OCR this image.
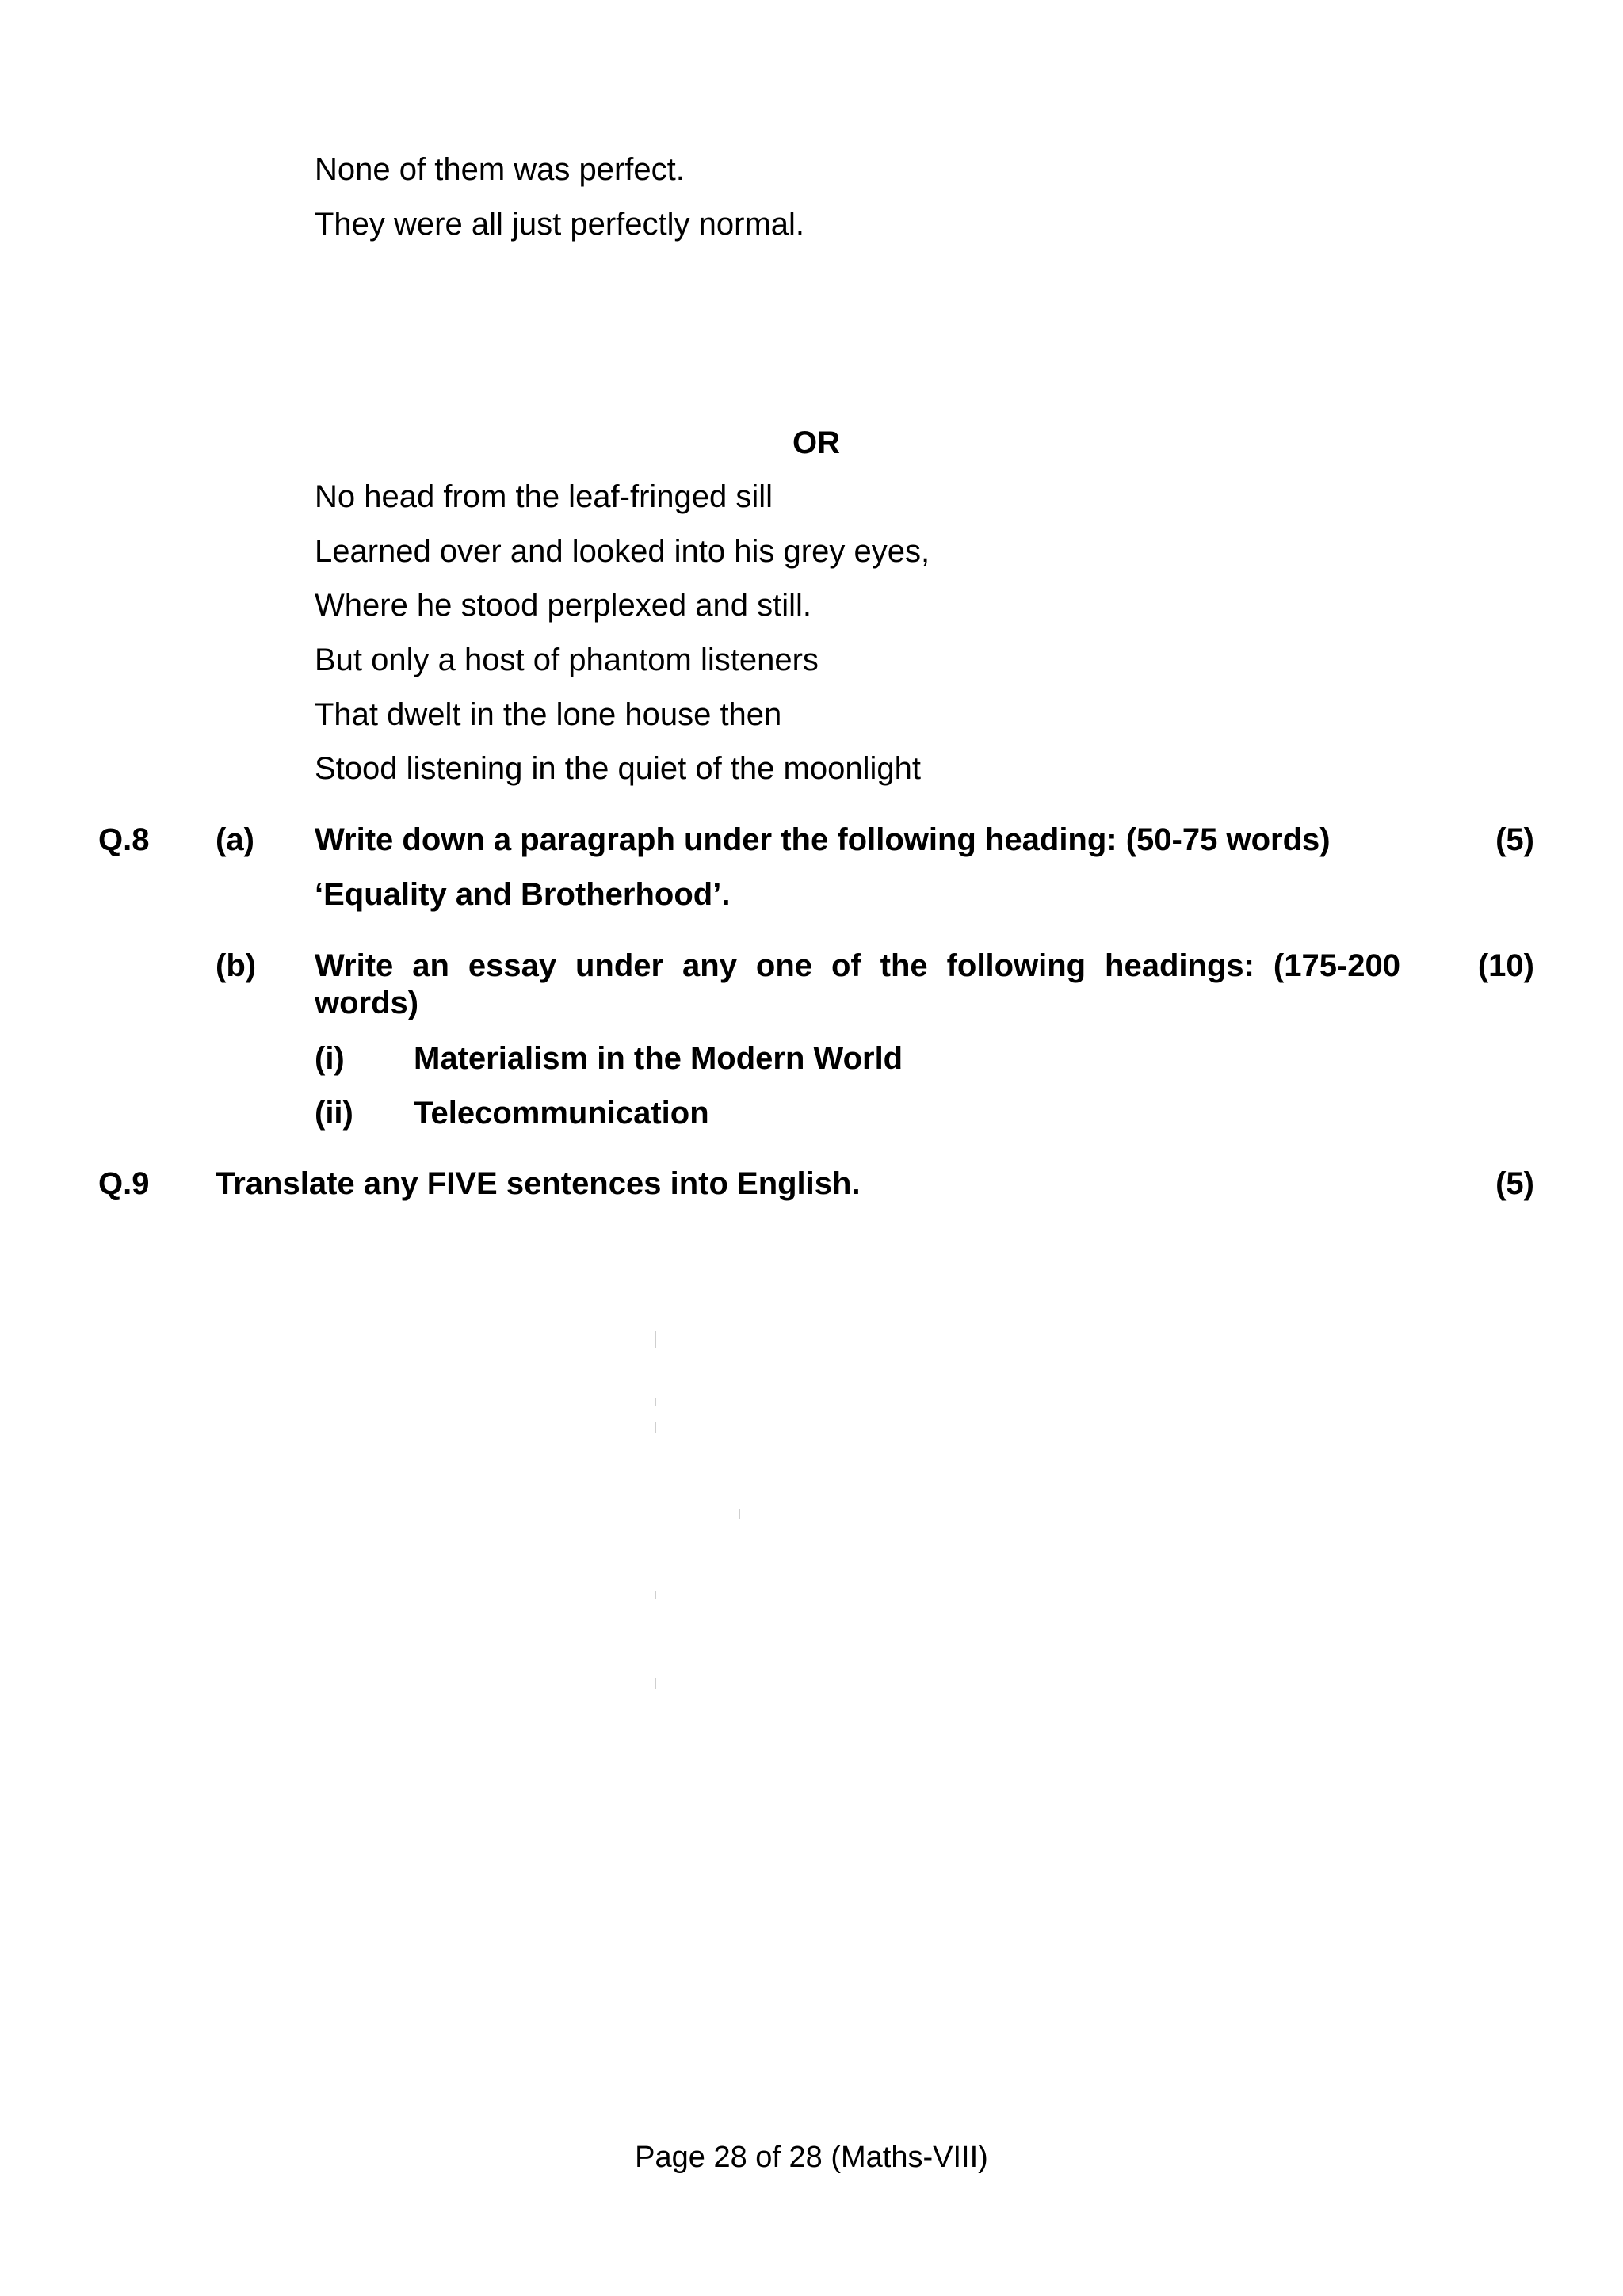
None of them was perfect.
They were all just perfectly normal.
OR
No head from the leaf-fringed sill
Learned over and looked into his grey eyes,
Where he stood perplexed and still.
But only a host of phantom listeners
That dwelt in the lone house then
Stood listening in the quiet of the moonlight
Q.8 (a) Write down a paragraph under the following heading: (50-75 words)	(5)
‘Equality and Brotherhood’.
(b) Write an essay under any one of the following headings: (175-200
words)
(10)
(i) Materialism in the Modern World
(ii) Telecommunication
Q.9 Translate any FIVE sentences into English.	(5)
Page 28 of 28 (Maths-VIII)
